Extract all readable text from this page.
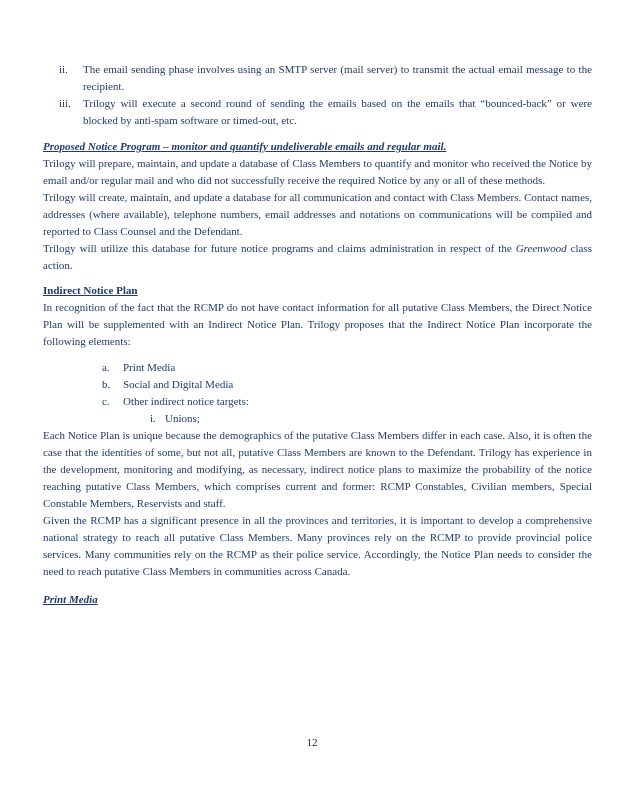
ii.	The email sending phase involves using an SMTP server (mail server) to transmit the actual email message to the recipient.
iii.	Trilogy will execute a second round of sending the emails based on the emails that “bounced-back” or were blocked by anti-spam software or timed-out, etc.
Proposed Notice Program – monitor and quantify undeliverable emails and regular mail.

Trilogy will prepare, maintain, and update a database of Class Members to quantify and monitor who received the Notice by email and/or regular mail and who did not successfully receive the required Notice by any or all of these methods.

Trilogy will create, maintain, and update a database for all communication and contact with Class Members. Contact names, addresses (where available), telephone numbers, email addresses and notations on communications will be compiled and reported to Class Counsel and the Defendant.

Trilogy will utilize this database for future notice programs and claims administration in respect of the Greenwood class action.

Indirect Notice Plan

In recognition of the fact that the RCMP do not have contact information for all putative Class Members, the Direct Notice Plan will be supplemented with an Indirect Notice Plan. Trilogy proposes that the Indirect Notice Plan incorporate the following elements:

a.	Print Media
b.	Social and Digital Media
c.	Other indirect notice targets:
i. Unions;

Each Notice Plan is unique because the demographics of the putative Class Members differ in each case. Also, it is often the case that the identities of some, but not all, putative Class Members are known to the Defendant. Trilogy has experience in the development, monitoring and modifying, as necessary, indirect notice plans to maximize the probability of the notice reaching putative Class Members, which comprises current and former: RCMP Constables, Civilian members, Special Constable Members, Reservists and staff.

Given the RCMP has a significant presence in all the provinces and territories, it is important to develop a comprehensive national strategy to reach all putative Class Members. Many provinces rely on the RCMP to provide provincial police services. Many communities rely on the RCMP as their police service. Accordingly, the Notice Plan needs to consider the need to reach putative Class Members in communities across Canada.

Print Media
12
